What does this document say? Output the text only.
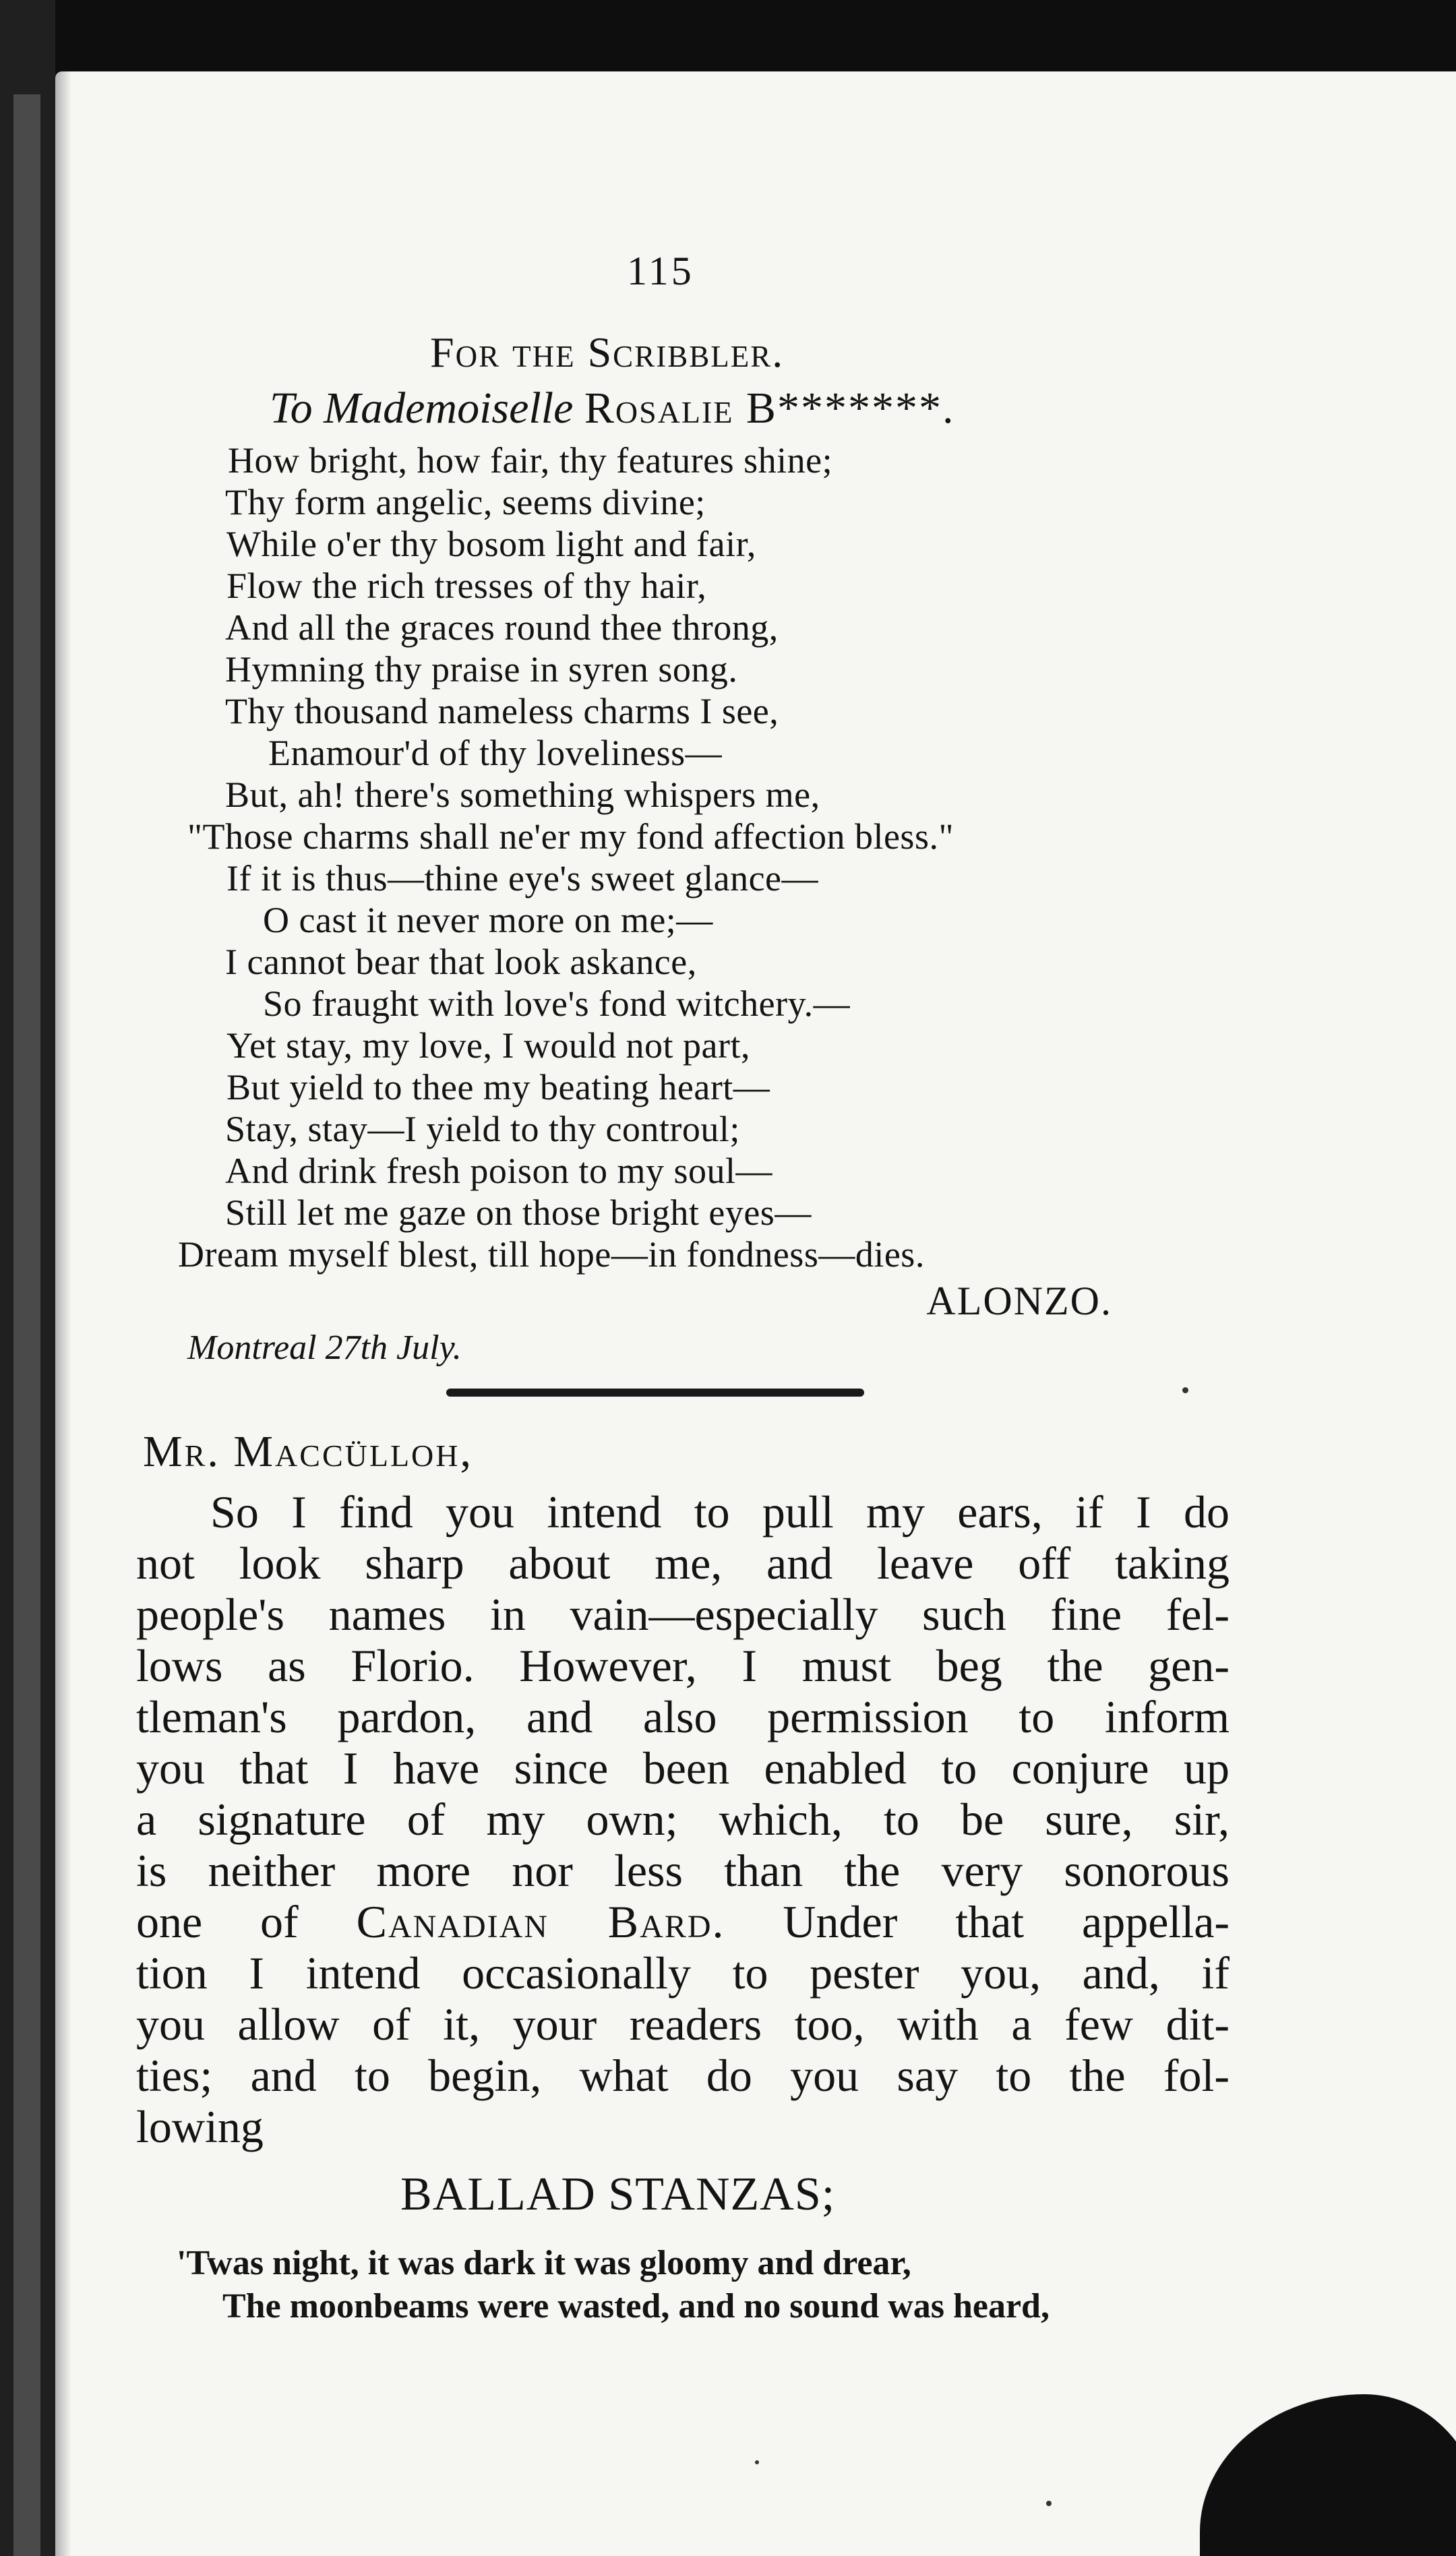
115
For the Scribbler.
To Mademoiselle Rosalie B*******.
How bright, how fair, thy features shine;
Thy form angelic, seems divine;
While o'er thy bosom light and fair,
Flow the rich tresses of thy hair,
And all the graces round thee throng,
Hymning thy praise in syren song.
Thy thousand nameless charms I see,
Enamour'd of thy loveliness—
But, ah! there's something whispers me,
"Those charms shall ne'er my fond affection bless."
If it is thus—thine eye's sweet glance—
O cast it never more on me;—
I cannot bear that look askance,
So fraught with love's fond witchery.—
Yet stay, my love, I would not part,
But yield to thee my beating heart—
Stay, stay—I yield to thy controul;
And drink fresh poison to my soul—
Still let me gaze on those bright eyes—
Dream myself blest, till hope—in fondness—dies.
ALONZO.
Montreal 27th July.
Mr. Maccülloh,
So I find you intend to pull my ears, if I do
not look sharp about me, and leave off taking
people's names in vain—especially such fine fel-
lows as Florio. However, I must beg the gen-
tleman's pardon, and also permission to inform
you that I have since been enabled to conjure up
a signature of my own; which, to be sure, sir,
is neither more nor less than the very sonorous
one of Canadian Bard. Under that appella-
tion I intend occasionally to pester you, and, if
you allow of it, your readers too, with a few dit-
ties; and to begin, what do you say to the fol-
lowing
BALLAD STANZAS;
'Twas night, it was dark it was gloomy and drear,
The moonbeams were wasted, and no sound was heard,
